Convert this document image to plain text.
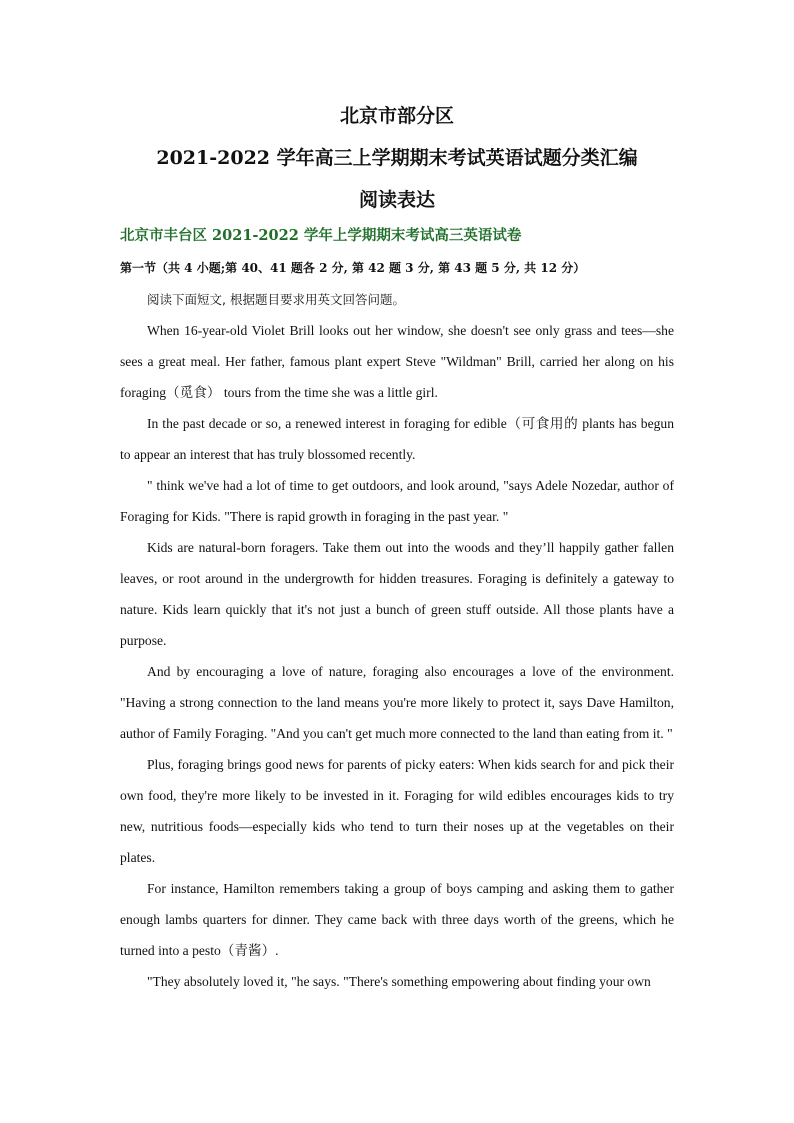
北京市部分区
2021-2022 学年高三上学期期末考试英语试题分类汇编
阅读表达
北京市丰台区 2021-2022 学年上学期期末考试高三英语试卷
第一节（共 4 小题;第 40、41 题各 2 分, 第 42 题 3 分, 第 43 题 5 分, 共 12 分）

阅读下面短文, 根据题目要求用英文回答问题。

When 16-year-old Violet Brill looks out her window, she doesn't see only grass and tees—she sees a great meal. Her father, famous plant expert Steve "Wildman" Brill, carried her along on his foraging（觅食） tours from the time she was a little girl.

In the past decade or so, a renewed interest in foraging for edible（可食用的 plants has begun to appear an interest that has truly blossomed recently.

" think we've had a lot of time to get outdoors, and look around, "says Adele Nozedar, author of Foraging for Kids. "There is rapid growth in foraging in the past year. "

Kids are natural-born foragers. Take them out into the woods and they’ll happily gather fallen leaves, or root around in the undergrowth for hidden treasures. Foraging is definitely a gateway to nature. Kids learn quickly that it's not just a bunch of green stuff outside. All those plants have a purpose.

And by encouraging a love of nature, foraging also encourages a love of the environment. "Having a strong connection to the land means you're more likely to protect it, says Dave Hamilton, author of Family Foraging. "And you can't get much more connected to the land than eating from it. "

Plus, foraging brings good news for parents of picky eaters: When kids search for and pick their own food, they're more likely to be invested in it. Foraging for wild edibles encourages kids to try new, nutritious foods—especially kids who tend to turn their noses up at the vegetables on their plates.

For instance, Hamilton remembers taking a group of boys camping and asking them to gather enough lambs quarters for dinner. They came back with three days worth of the greens, which he turned into a pesto（青酱）.

"They absolutely loved it, "he says. "There's something empowering about finding your own
